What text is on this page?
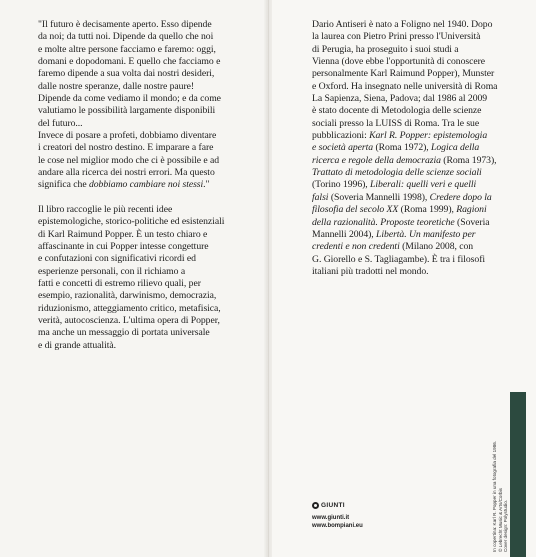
"Il futuro è decisamente aperto. Esso dipende

da noi; da tutti noi. Dipende da quello che noi

e molte altre persone facciamo e faremo: oggi,

domani e dopodomani. E quello che facciamo e

faremo dipende a sua volta dai nostri desideri,

dalle nostre speranze, dalle nostre paure!

Dipende da come vediamo il mondo; e da come

valutiamo le possibilità largamente disponibili

del futuro...

Invece di posare a profeti, dobbiamo diventare

i creatori del nostro destino. E imparare a fare

le cose nel miglior modo che ci è possibile e ad

andare alla ricerca dei nostri errori. Ma questo

significa che dobbiamo cambiare noi stessi."

Il libro raccoglie le più recenti idee

epistemologiche, storico-politiche ed esistenziali

di Karl Raimund Popper. È un testo chiaro e

affascinante in cui Popper intesse congetture

e confutazioni con significativi ricordi ed

esperienze personali, con il richiamo a

fatti e concetti di estremo rilievo quali, per

esempio, razionalità, darwinismo, democrazia,

riduzionismo, atteggiamento critico, metafisica,

verità, autocoscienza. L'ultima opera di Popper,

ma anche un messaggio di portata universale

e di grande attualità.

Dario Antiseri è nato a Foligno nel 1940. Dopo

la laurea con Pietro Prini presso l'Università

di Perugia, ha proseguito i suoi studi a

Vienna (dove ebbe l'opportunità di conoscere

personalmente Karl Raimund Popper), Munster

e Oxford. Ha insegnato nelle università di Roma

La Sapienza, Siena, Padova; dal 1986 al 2009

è stato docente di Metodologia delle scienze

sociali presso la LUISS di Roma. Tra le sue

pubblicazioni: Karl R. Popper: epistemologia

e società aperta (Roma 1972), Logica della

ricerca e regole della democrazia (Roma 1973),

Trattato di metodologia delle scienze sociali

(Torino 1996), Liberali: quelli veri e quelli

falsi (Soveria Mannelli 1998), Credere dopo la

filosofia del secolo XX (Roma 1999), Ragioni

della razionalità. Proposte teoretiche (Soveria

Mannelli 2004), Libertà. Un manifesto per

credenti e non credenti (Milano 2008, con

G. Giorello e S. Tagliagambe). È tra i filosofi

italiani più tradotti nel mondo.

In copertina: Karl R. Popper in una fotografia del 1986. © Lebrecht Music & Arts/Corbis Cover design: Polystudio.

GIUNTI
www.giunti.it
www.bompiani.eu
